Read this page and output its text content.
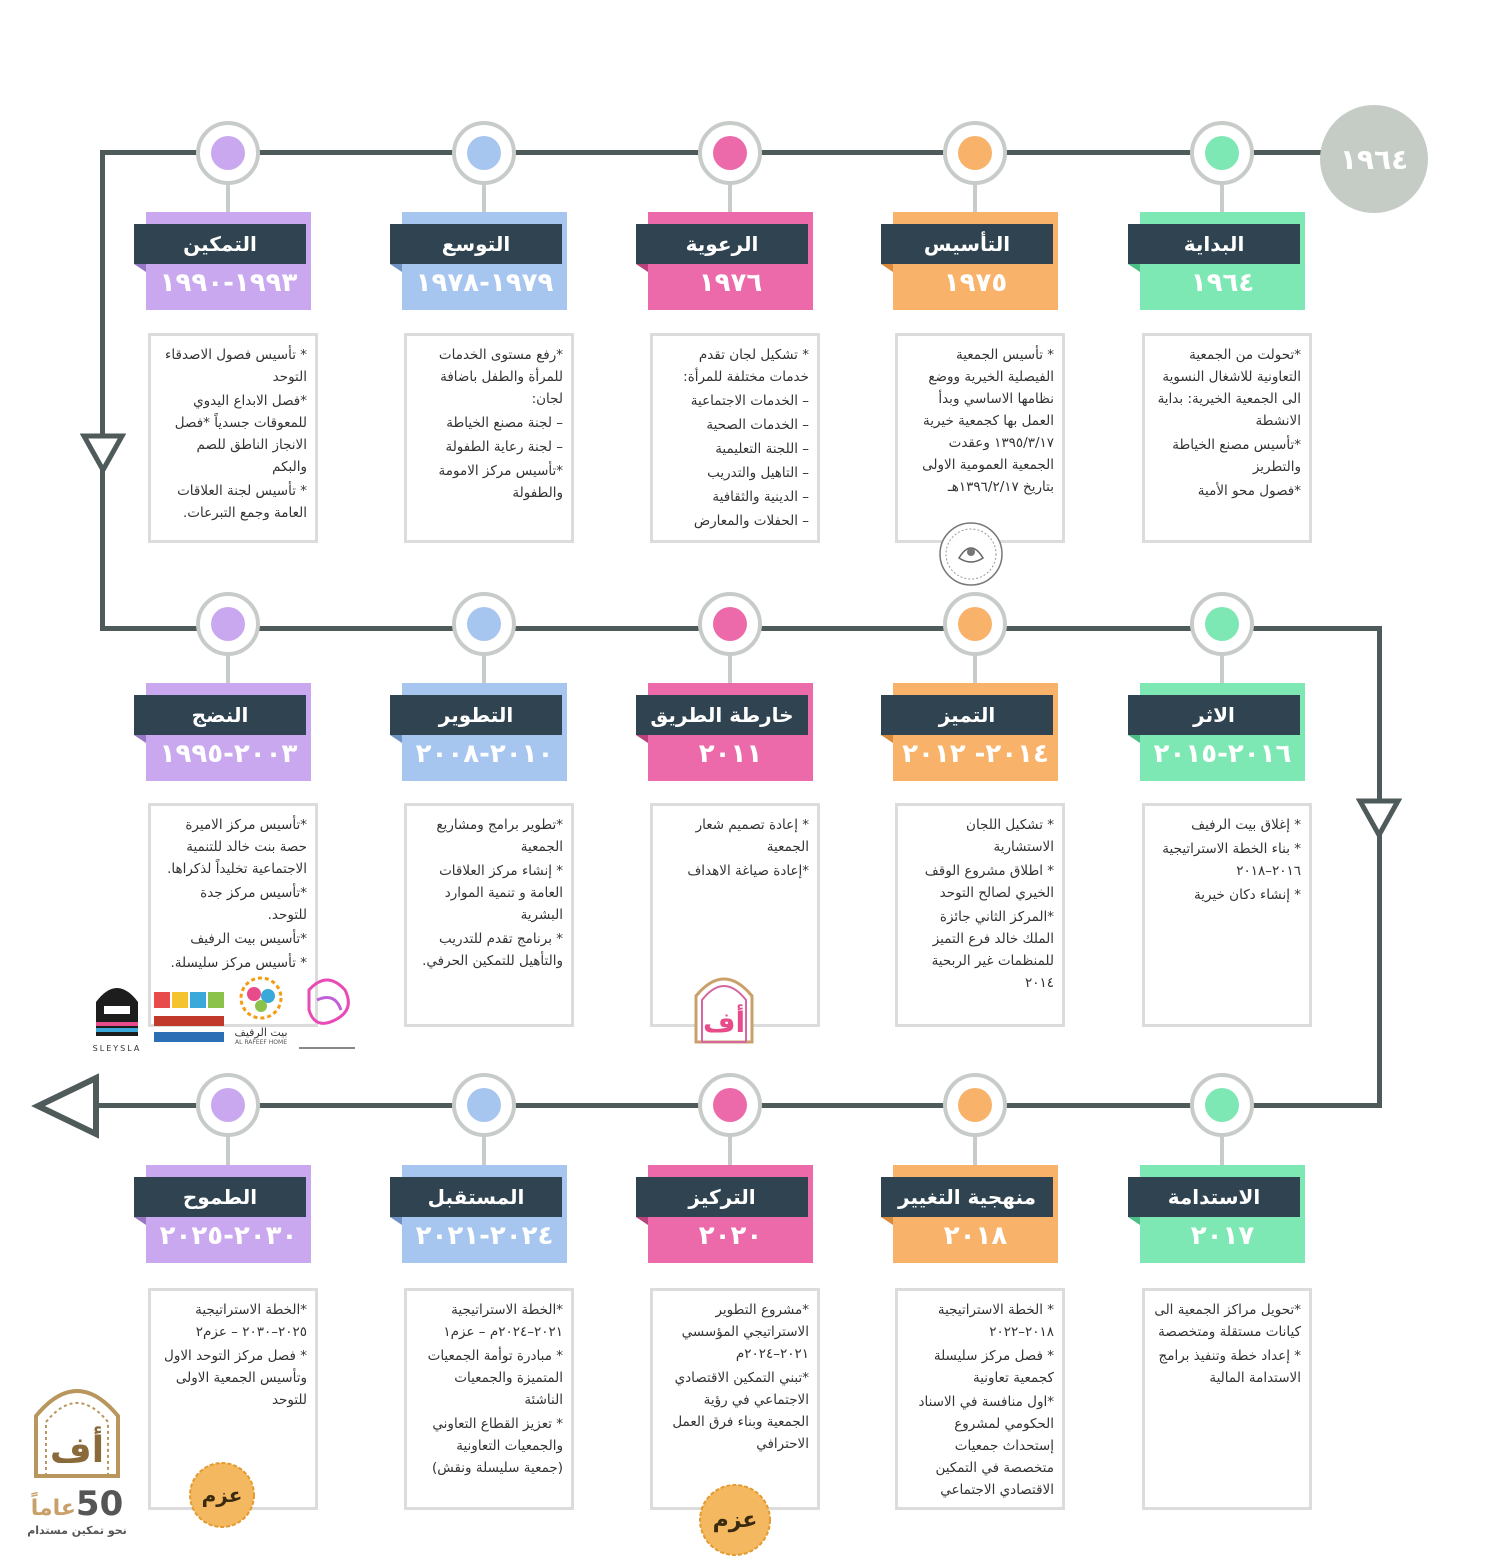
١٩٦٤
البداية
١٩٦٤
*تحولت من الجمعية التعاونية للاشغال النسوية الى الجمعية الخيرية: بداية الانشطة
*تأسيس مصنع الخياطة والتطريز
*فصول محو الأمية
التأسيس
١٩٧٥
* تأسيس الجمعية الفيصلية الخيرية ووضع نظامها الاساسي وبدأ العمل بها كجمعية خيرية ١٣٩٥/٣/١٧ وعقدت الجمعية العمومية الاولى بتاريخ ١٣٩٦/٢/١٧هـ
الرعوية
١٩٧٦
* تشكيل لجان تقدم خدمات مختلفة للمرأة:
– الخدمات الاجتماعية
– الخدمات الصحية
– اللجنة التعليمية
– التاهيل والتدريب
– الدينية والثقافية
– الحفلات والمعارض
التوسع
١٩٧٩-١٩٧٨
*رفع مستوى الخدمات للمرأة والطفل باضافة لجان:
– لجنة مصنع الخياطة
– لجنة رعاية الطفولة
*تأسيس مركز الامومة والطفولة
التمكين
١٩٩٣-١٩٩٠
* تأسيس فصول الاصدقاء التوحد
*فصل الابداع اليدوي للمعوقات جسدياً *فصل الانجاز الناطق للصم والبكم
* تأسيس لجنة العلاقات العامة وجمع التبرعات.
الاثر
٢٠١٦-٢٠١٥
* إغلاق بيت الرفيف
* بناء الخطة الاستراتيجية ٢٠١٦–٢٠١٨
* إنشاء دكان خيرية
التميز
٢٠١٤- ٢٠١٢
* تشكيل اللجان الاستشارية
* اطلاق مشروع الوقف الخيري لصالح التوحد
*المركز الثاني جائزة الملك خالد فرع التميز للمنظمات غير الربحية ٢٠١٤
خارطة الطريق
٢٠١١
* إعادة تصميم شعار الجمعية
*إعادة صياغة الاهداف
التطوير
٢٠١٠-٢٠٠٨
*تطوير برامج ومشاريع الجمعية
* إنشاء مركز العلاقات العامة و تنمية الموارد البشرية
* برنامج تقدم للتدريب والتأهيل للتمكين الحرفي.
النضج
٢٠٠٣-١٩٩٥
*تأسيس مركز الاميرة حصة بنت خالد للتنمية الاجتماعية تخليداً لذكراها.
*تأسيس مركز جدة للتوحد.
*تأسيس بيت الرفيف
* تأسيس مركز سليسلة.
الاستدامة
٢٠١٧
*تحويل مراكز الجمعية الى كيانات مستقلة ومتخصصة
* إعداد خطة وتنفيذ برامج الاستدامة المالية
منهجية التغيير
٢٠١٨
* الخطة الاستراتيجية ٢٠١٨–٢٠٢٢
* فصل مركز سليسلة كجمعية تعاونية
*اول منافسة في الاسناد الحكومي لمشروع إستحداث جمعيات متخصصة في التمكين الاقتصادي الاجتماعي
التركيز
٢٠٢٠
*مشروع التطوير الاستراتيجي المؤسسي ٢٠٢١–٢٠٢٤م
*تبني التمكين الاقتصادي الاجتماعي في رؤية الجمعية وبناء فرق العمل الاحترافي
المستقبل
٢٠٢٤-٢٠٢١
*الخطة الاستراتيجية ٢٠٢١–٢٠٢٤م – عزم١
* مبادرة توأمة الجمعيات المتميزة والجمعيات الناشئة
* تعزيز القطاع التعاوني والجمعيات التعاونية (جمعية سليسلة ونقش)
الطموح
٢٠٣٠-٢٠٢٥
*الخطة الاستراتيجية ٢٠٢٥–٢٠٣٠ – عزم٢
* فصل مركز التوحد الاول وتأسيس الجمعية الاولى للتوحد
SLEYSLA
بيت الرفيف
AL RAFEEF HOME
أف
أف
50
عاماً
نحو تمكين مستدام
عزم
عزم
